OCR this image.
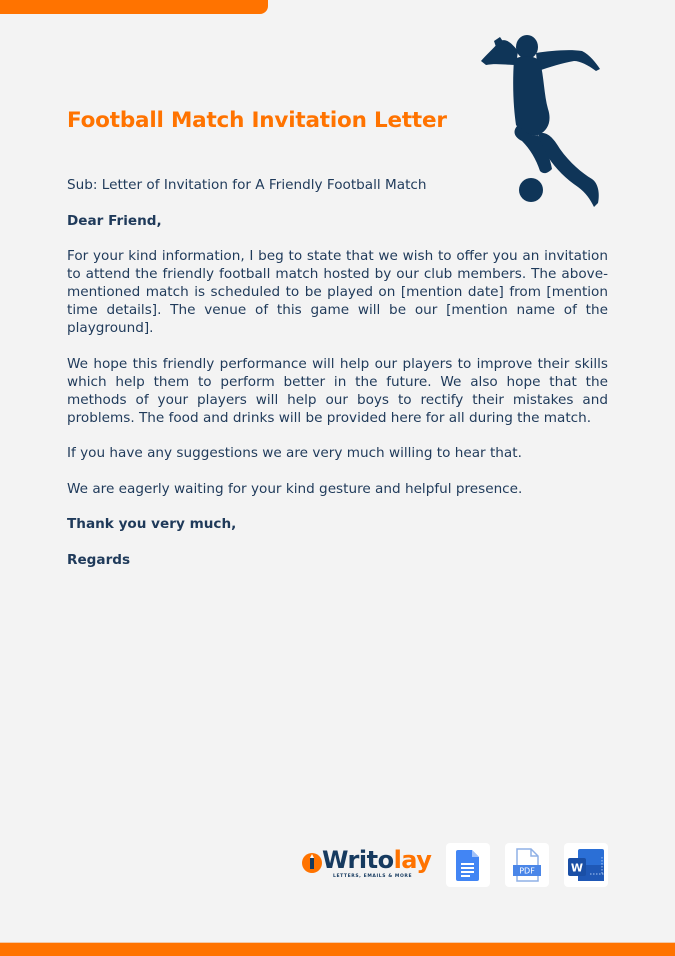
Football Match Invitation Letter

Sub: Letter of Invitation for A Friendly Football Match

Dear Friend,

For your kind information, I beg to state that we wish to offer you an invitation to attend the friendly football match hosted by our club members. The above-mentioned match is scheduled to be played on [mention date] from [mention time details]. The venue of this game will be our [mention name of the playground].

We hope this friendly performance will help our players to improve their skills which help them to perform better in the future. We also hope that the methods of your players will help our boys to rectify their mistakes and problems. The food and drinks will be provided here for all during the match.

If you have any suggestions we are very much willing to hear that.

We are eagerly waiting for your kind gesture and helpful presence.

Thank you very much,

Regards

Writolay
LETTERS, EMAILS & MORE
PDF	W
